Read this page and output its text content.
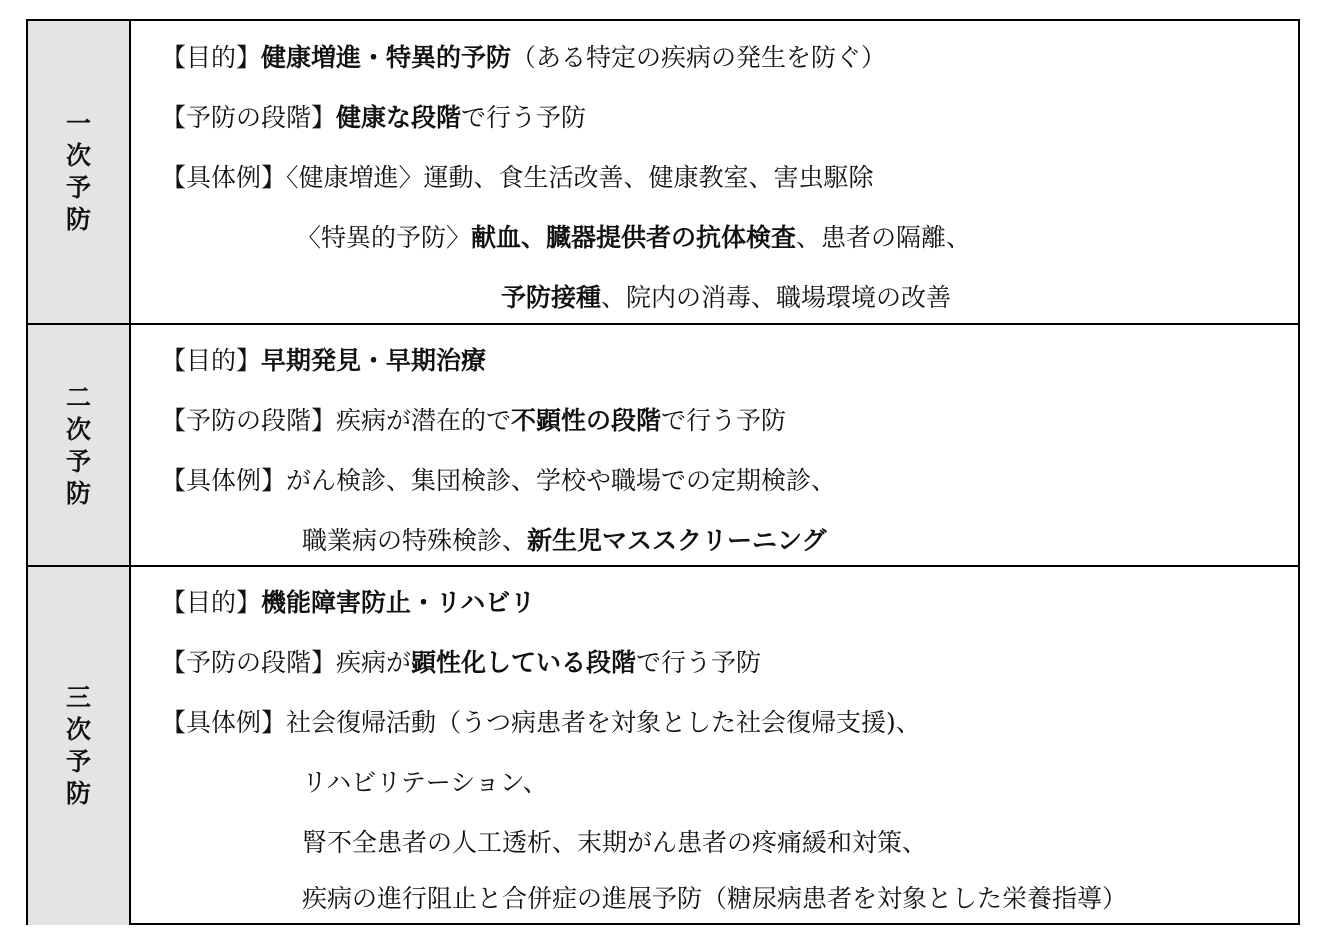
一
次
予
防
【目的】健康増進・特異的予防（ある特定の疾病の発生を防ぐ）
【予防の段階】健康な段階で行う予防
【具体例】〈健康増進〉運動、食生活改善、健康教室、害虫駆除
〈特異的予防〉献血、臓器提供者の抗体検査、患者の隔離、
予防接種、院内の消毒、職場環境の改善
二
次
予
防
【目的】早期発見・早期治療
【予防の段階】疾病が潜在的で不顕性の段階で行う予防
【具体例】がん検診、集団検診、学校や職場での定期検診、
職業病の特殊検診、新生児マススクリーニング
三
次
予
防
【目的】機能障害防止・リハビリ
【予防の段階】疾病が顕性化している段階で行う予防
【具体例】社会復帰活動（うつ病患者を対象とした社会復帰支援)、
リハビリテーション、
腎不全患者の人工透析、末期がん患者の疼痛緩和対策、
疾病の進行阻止と合併症の進展予防（糖尿病患者を対象とした栄養指導）
